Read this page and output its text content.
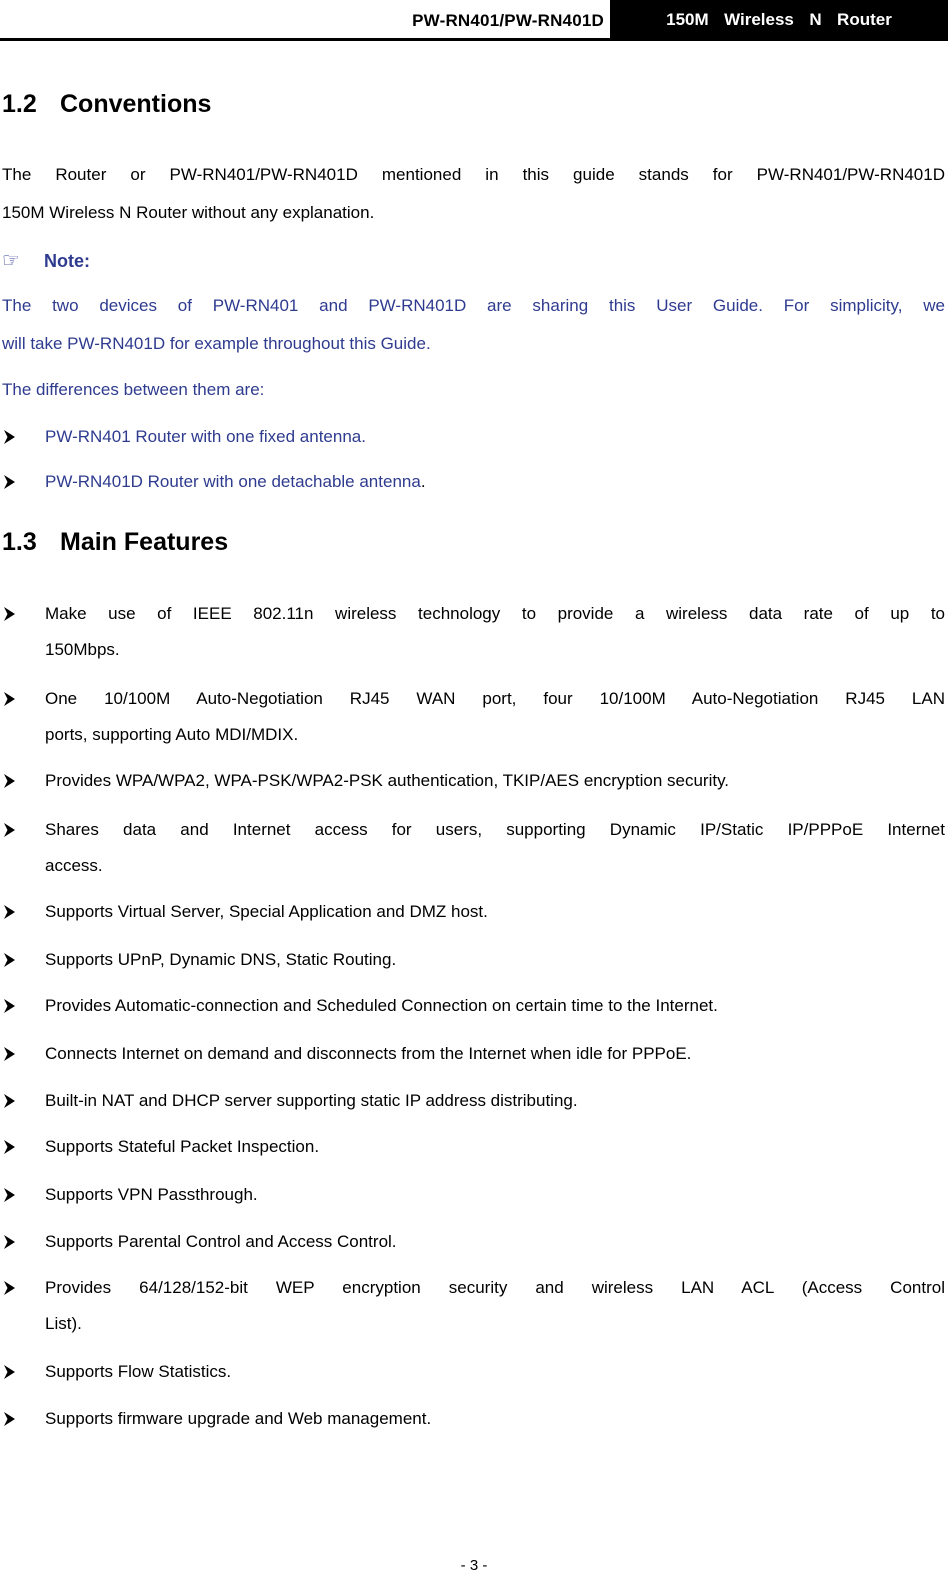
PW-RN401/PW-RN401D	150M  Wireless  N  Router
1.2 Conventions

The  Router  or  PW-RN401/PW-RN401D  mentioned  in  this  guide  stands  for  PW-RN401/PW-RN401D

150M Wireless N Router without any explanation.

☞ Note:

The two devices of PW-RN401 and PW-RN401D are sharing this User Guide. For simplicity, we

will take PW-RN401D for example throughout this Guide.

The differences between them are:

PW-RN401 Router with one fixed antenna.
PW-RN401D Router with one detachable antenna.
1.3 Main Features
Make  use  of  IEEE  802.11n  wireless  technology  to  provide  a  wireless  data  rate  of  up  to
150Mbps.
One 10/100M Auto-Negotiation RJ45 WAN port, four 10/100M Auto-Negotiation RJ45 LAN
ports, supporting Auto MDI/MDIX.
Provides WPA/WPA2, WPA-PSK/WPA2-PSK authentication, TKIP/AES encryption security.
Shares data and Internet access for users, supporting Dynamic IP/Static IP/PPPoE Internet
access.
Supports Virtual Server, Special Application and DMZ host.
Supports UPnP, Dynamic DNS, Static Routing.
Provides Automatic-connection and Scheduled Connection on certain time to the Internet.
Connects Internet on demand and disconnects from the Internet when idle for PPPoE.
Built-in NAT and DHCP server supporting static IP address distributing.
Supports Stateful Packet Inspection.
Supports VPN Passthrough.
Supports Parental Control and Access Control.
Provides  64/128/152-bit  WEP  encryption  security  and  wireless  LAN  ACL  (Access  Control
List).
Supports Flow Statistics.
Supports firmware upgrade and Web management.
- 3 -
